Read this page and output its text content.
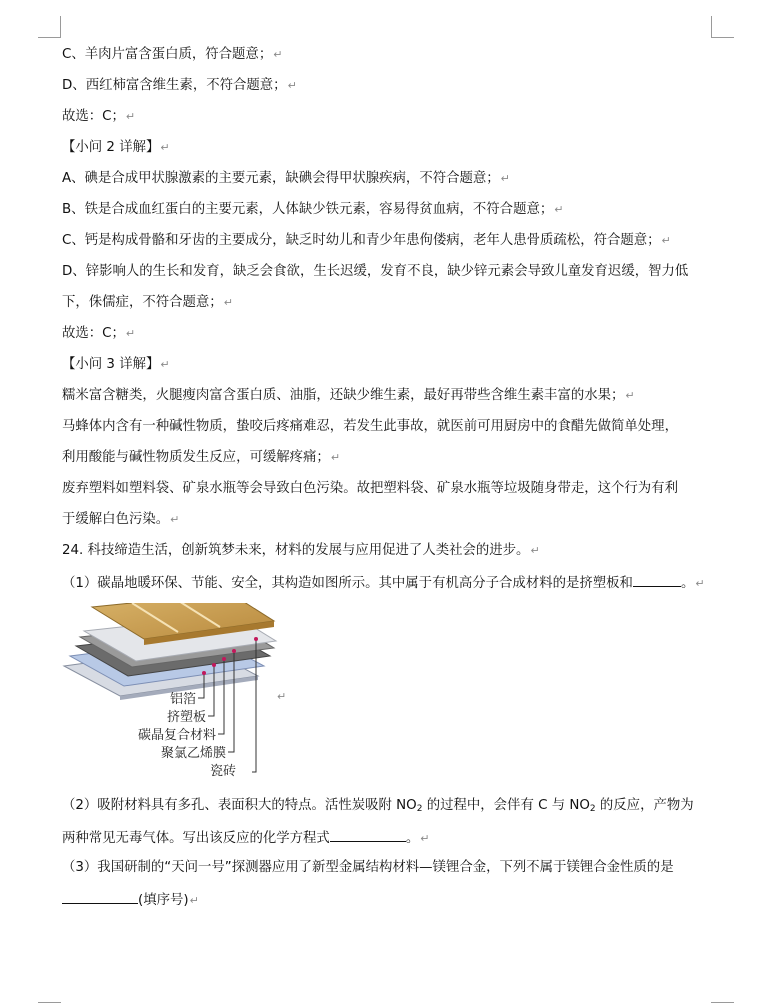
C、羊肉片富含蛋白质，符合题意；↵
D、西红柿富含维生素，不符合题意；↵
故选：C；↵
【小问 2 详解】↵
A、碘是合成甲状腺激素的主要元素，缺碘会得甲状腺疾病，不符合题意；↵
B、铁是合成血红蛋白的主要元素，人体缺少铁元素，容易得贫血病，不符合题意；↵
C、钙是构成骨骼和牙齿的主要成分，缺乏时幼儿和青少年患佝偻病，老年人患骨质疏松，符合题意；↵
D、锌影响人的生长和发育，缺乏会食欲，生长迟缓，发育不良，缺少锌元素会导致儿童发育迟缓，智力低
下，侏儒症，不符合题意；↵
故选：C；↵
【小问 3 详解】↵
糯米富含糖类，火腿瘦肉富含蛋白质、油脂，还缺少维生素，最好再带些含维生素丰富的水果；↵
马蜂体内含有一种碱性物质，蛰咬后疼痛难忍，若发生此事故，就医前可用厨房中的食醋先做简单处理，
利用酸能与碱性物质发生反应，可缓解疼痛；↵
废弃塑料如塑料袋、矿泉水瓶等会导致白色污染。故把塑料袋、矿泉水瓶等垃圾随身带走，这个行为有利
于缓解白色污染。↵
24. 科技缔造生活，创新筑梦未来，材料的发展与应用促进了人类社会的进步。↵
（1）碳晶地暖环保、节能、安全，其构造如图所示。其中属于有机高分子合成材料的是挤塑板和	。↵
铝箔
挤塑板
碳晶复合材料
聚氯乙烯膜
瓷砖
↵
（2）吸附材料具有多孔、表面积大的特点。活性炭吸附 $NO_2$ 的过程中，会伴有 C 与 $NO_2$ 的反应，产物为
两种常见无毒气体。写出该反应的化学方程式	。↵
（3）我国研制的“天问一号”探测器应用了新型金属结构材料—镁锂合金，下列不属于镁锂合金性质的是
(填序号)↵
